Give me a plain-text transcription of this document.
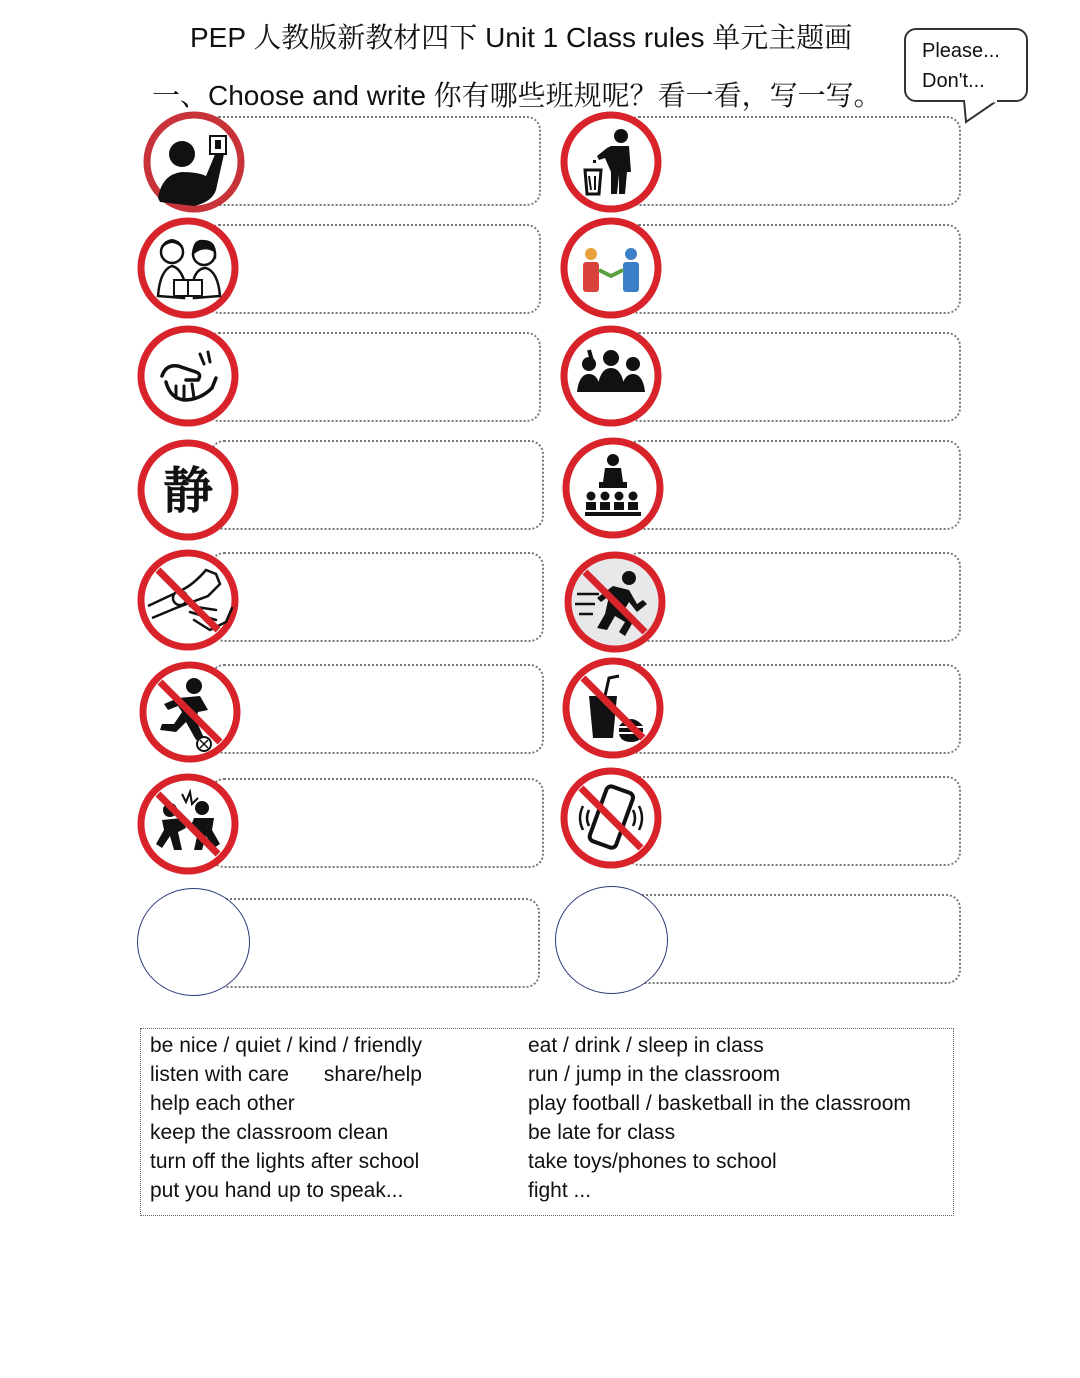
PEP 人教版新教材四下 Unit 1 Class rules 单元主题画
一、Choose and write 你有哪些班规呢？看一看，写一写。
Please...
Don't...
静
be nice / quiet / kind / friendly
listen with care      share/help
help each other
keep the classroom clean
turn off the lights after school
put you hand up to speak...
eat / drink / sleep in class
run / jump in the classroom
play football / basketball in the classroom
be late for class
take toys/phones to school
fight ...
